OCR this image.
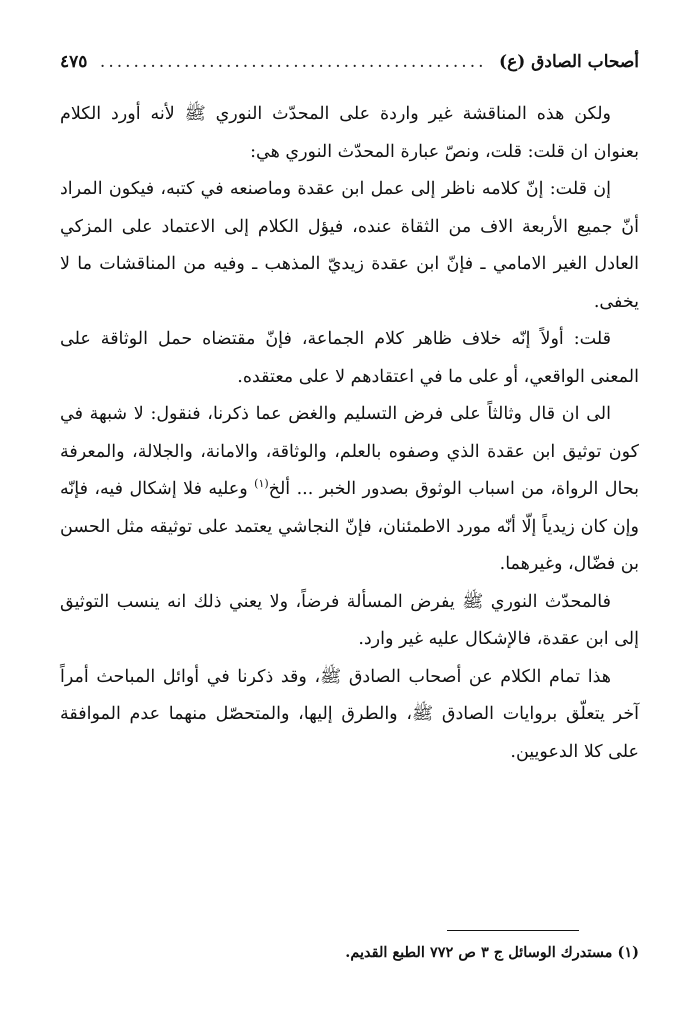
أصحاب الصادق (ع)
..............................................
٤٧٥

ولكن هذه المناقشة غير واردة على المحدّث النوري ﷺ لأنه أورد الكلام بعنوان ان قلت: قلت، ونصّ عبارة المحدّث النوري هي:

إن قلت: إنّ كلامه ناظر إلى عمل ابن عقدة وماصنعه في كتبه، فيكون المراد أنّ جميع الأربعة الاف من الثقاة عنده، فيؤل الكلام إلى الاعتماد على المزكي العادل الغير الامامي ـ فإنّ ابن عقدة زيديّ المذهب ـ وفيه من المناقشات ما لا يخفى.

قلت: أولاً إنّه خلاف ظاهر كلام الجماعة، فإنّ مقتضاه حمل الوثاقة على المعنى الواقعي، أو على ما في اعتقادهم لا على معتقده.

الى ان قال وثالثاً على فرض التسليم والغض عما ذكرنا، فنقول: لا شبهة في كون توثيق ابن عقدة الذي وصفوه بالعلم، والوثاقة، والامانة، والجلالة، والمعرفة بحال الرواة، من اسباب الوثوق بصدور الخبر ... ألخ$^{(١)}$ وعليه فلا إشكال فيه، فإنّه وإن كان زيدياً إلّا أنّه مورد الاطمئنان، فإنّ النجاشي يعتمد على توثيقه مثل الحسن بن فضّال، وغيرهما.

فالمحدّث النوري ﷺ يفرض المسألة فرضاً، ولا يعني ذلك انه ينسب التوثيق إلى ابن عقدة، فالإشكال عليه غير وارد.

هذا تمام الكلام عن أصحاب الصادق ﷺ، وقد ذكرنا في أوائل المباحث أمراً آخر يتعلّق بروايات الصادق ﷺ، والطرق إليها، والمتحصّل منهما عدم الموافقة على كلا الدعويين.

(١) مستدرك الوسائل ج ٣ ص ٧٧٢ الطبع القديم.
